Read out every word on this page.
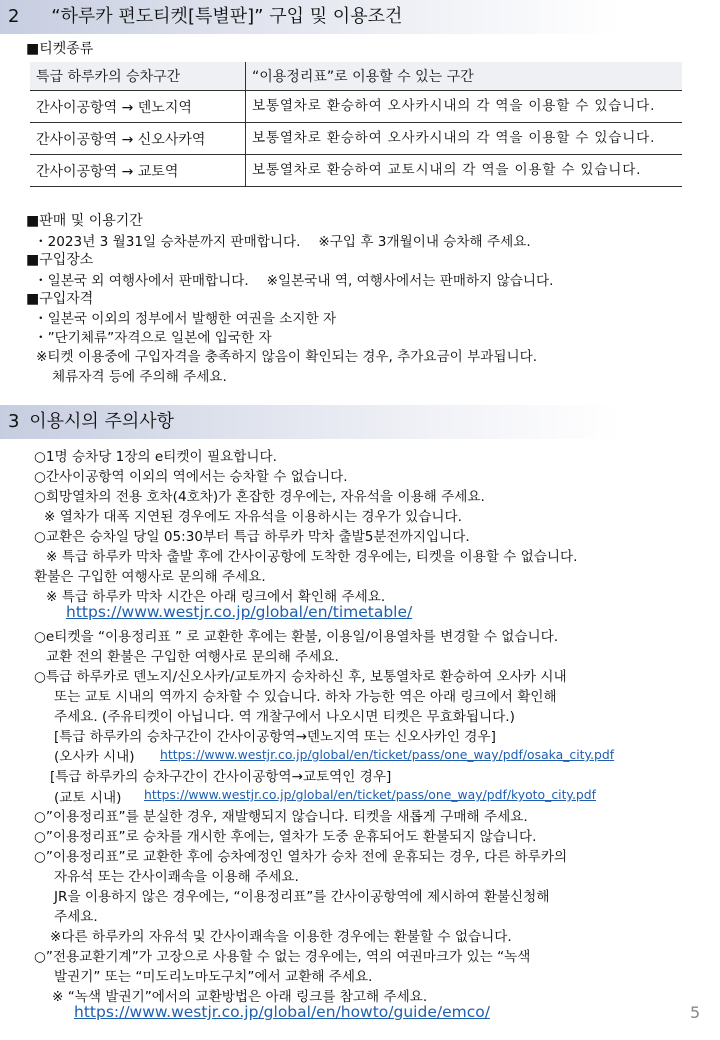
2 “하루카 편도티켓[특별판]” 구입 및 이용조건
■티켓종류
특급 하루카의 승차구간	“이용정리표”로 이용할 수 있는 구간
간사이공항역 → 덴노지역	보통열차로 환승하여 오사카시내의 각 역을 이용할 수 있습니다.
간사이공항역 → 신오사카역	보통열차로 환승하여 오사카시내의 각 역을 이용할 수 있습니다.
간사이공항역 → 교토역	보통열차로 환승하여 교토시내의 각 역을 이용할 수 있습니다.
■판매 및 이용기간
・2023년 3 월31일 승차분까지 판매합니다.　 ※구입 후 3개월이내 승차해 주세요.
■구입장소
・일본국 외 여행사에서 판매합니다.　 ※일본국내 역, 여행사에서는 판매하지 않습니다.
■구입자격
・일본국 이외의 정부에서 발행한 여권을 소지한 자
・”단기체류”자격으로 일본에 입국한 자
※티켓 이용중에 구입자격을 충족하지 않음이 확인되는 경우, 추가요금이 부과됩니다.
체류자격 등에 주의해 주세요.
3 이용시의 주의사항
○1명 승차당 1장의 e티켓이 필요합니다.
○간사이공항역 이외의 역에서는 승차할 수 없습니다.
○희망열차의 전용 호차(4호차)가 혼잡한 경우에는, 자유석을 이용해 주세요.
※ 열차가 대폭 지연된 경우에도 자유석을 이용하시는 경우가 있습니다.
○교환은 승차일 당일 05:30부터 특급 하루카 막차 출발5분전까지입니다.
※ 특급 하루카 막차 출발 후에 간사이공항에 도착한 경우에는, 티켓을 이용할 수 없습니다.
환불은 구입한 여행사로 문의해 주세요.
※ 특급 하루카 막차 시간은 아래 링크에서 확인해 주세요.
https://www.westjr.co.jp/global/en/timetable/
○e티켓을 “이용정리표 ” 로 교환한 후에는 환불, 이용일/이용열차를 변경할 수 없습니다.
교환 전의 환불은 구입한 여행사로 문의해 주세요.
○특급 하루카로 덴노지/신오사카/교토까지 승차하신 후, 보통열차로 환승하여 오사카 시내
또는 교토 시내의 역까지 승차할 수 있습니다. 하차 가능한 역은 아래 링크에서 확인해
주세요. (주유티켓이 아닙니다. 역 개찰구에서 나오시면 티켓은 무효화됩니다.)
[특급 하루카의 승차구간이 간사이공항역→덴노지역 또는 신오사카인 경우]
(오사카 시내) https://www.westjr.co.jp/global/en/ticket/pass/one_way/pdf/osaka_city.pdf
[특급 하루카의 승차구간이 간사이공항역→교토역인 경우]
(교토 시내) https://www.westjr.co.jp/global/en/ticket/pass/one_way/pdf/kyoto_city.pdf
○”이용정리표”를 분실한 경우, 재발행되지 않습니다. 티켓을 새롭게 구매해 주세요.
○”이용정리표”로 승차를 개시한 후에는, 열차가 도중 운휴되어도 환불되지 않습니다.
○”이용정리표”로 교환한 후에 승차예정인 열차가 승차 전에 운휴되는 경우, 다른 하루카의
자유석 또는 간사이쾌속을 이용해 주세요.
JR을 이용하지 않은 경우에는, “이용정리표”를 간사이공항역에 제시하여 환불신청해
주세요.
※다른 하루카의 자유석 및 간사이쾌속을 이용한 경우에는 환불할 수 없습니다.
○”전용교환기계”가 고장으로 사용할 수 없는 경우에는, 역의 여권마크가 있는 “녹색
발권기” 또는 “미도리노마도구치”에서 교환해 주세요.
※ “녹색 발권기”에서의 교환방법은 아래 링크를 참고해 주세요.
https://www.westjr.co.jp/global/en/howto/guide/emco/	5
